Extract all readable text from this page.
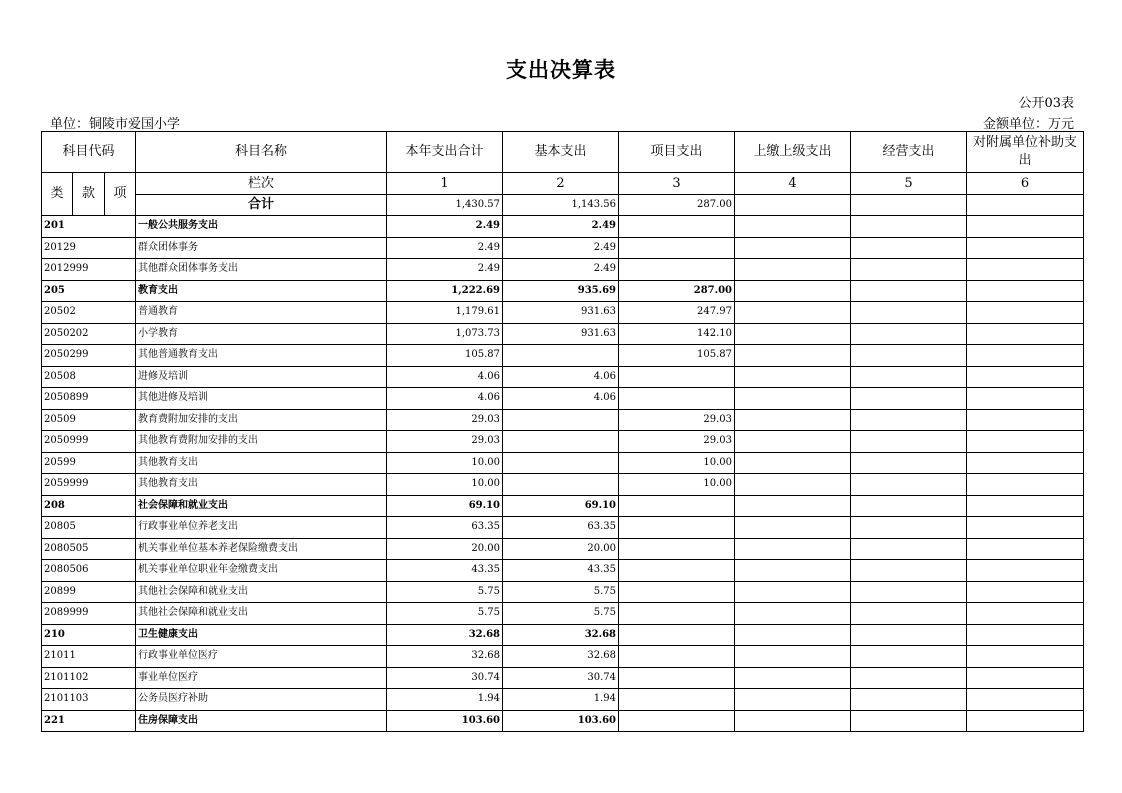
支出决算表
公开03表
单位：铜陵市爱国小学	金额单位：万元
科目代码			科目名称	本年支出合计	基本支出	项目支出	上缴上级支出	经营支出	对附属单位补助支出
类	款	项	栏次	1	2	3	4	5	6
			合计	1,430.57	1,143.56	287.00			
201			一般公共服务支出	2.49	2.49				
20129			群众团体事务	2.49	2.49				
2012999			其他群众团体事务支出	2.49	2.49				
205			教育支出	1,222.69	935.69	287.00			
20502			普通教育	1,179.61	931.63	247.97			
2050202			小学教育	1,073.73	931.63	142.10			
2050299			其他普通教育支出	105.87		105.87			
20508			进修及培训	4.06	4.06				
2050899			其他进修及培训	4.06	4.06				
20509			教育费附加安排的支出	29.03		29.03			
2050999			其他教育费附加安排的支出	29.03		29.03			
20599			其他教育支出	10.00		10.00			
2059999			其他教育支出	10.00		10.00			
208			社会保障和就业支出	69.10	69.10				
20805			行政事业单位养老支出	63.35	63.35				
2080505			机关事业单位基本养老保险缴费支出	20.00	20.00				
2080506			机关事业单位职业年金缴费支出	43.35	43.35				
20899			其他社会保障和就业支出	5.75	5.75				
2089999			其他社会保障和就业支出	5.75	5.75				
210			卫生健康支出	32.68	32.68				
21011			行政事业单位医疗	32.68	32.68				
2101102			事业单位医疗	30.74	30.74				
2101103			公务员医疗补助	1.94	1.94				
221			住房保障支出	103.60	103.60				
